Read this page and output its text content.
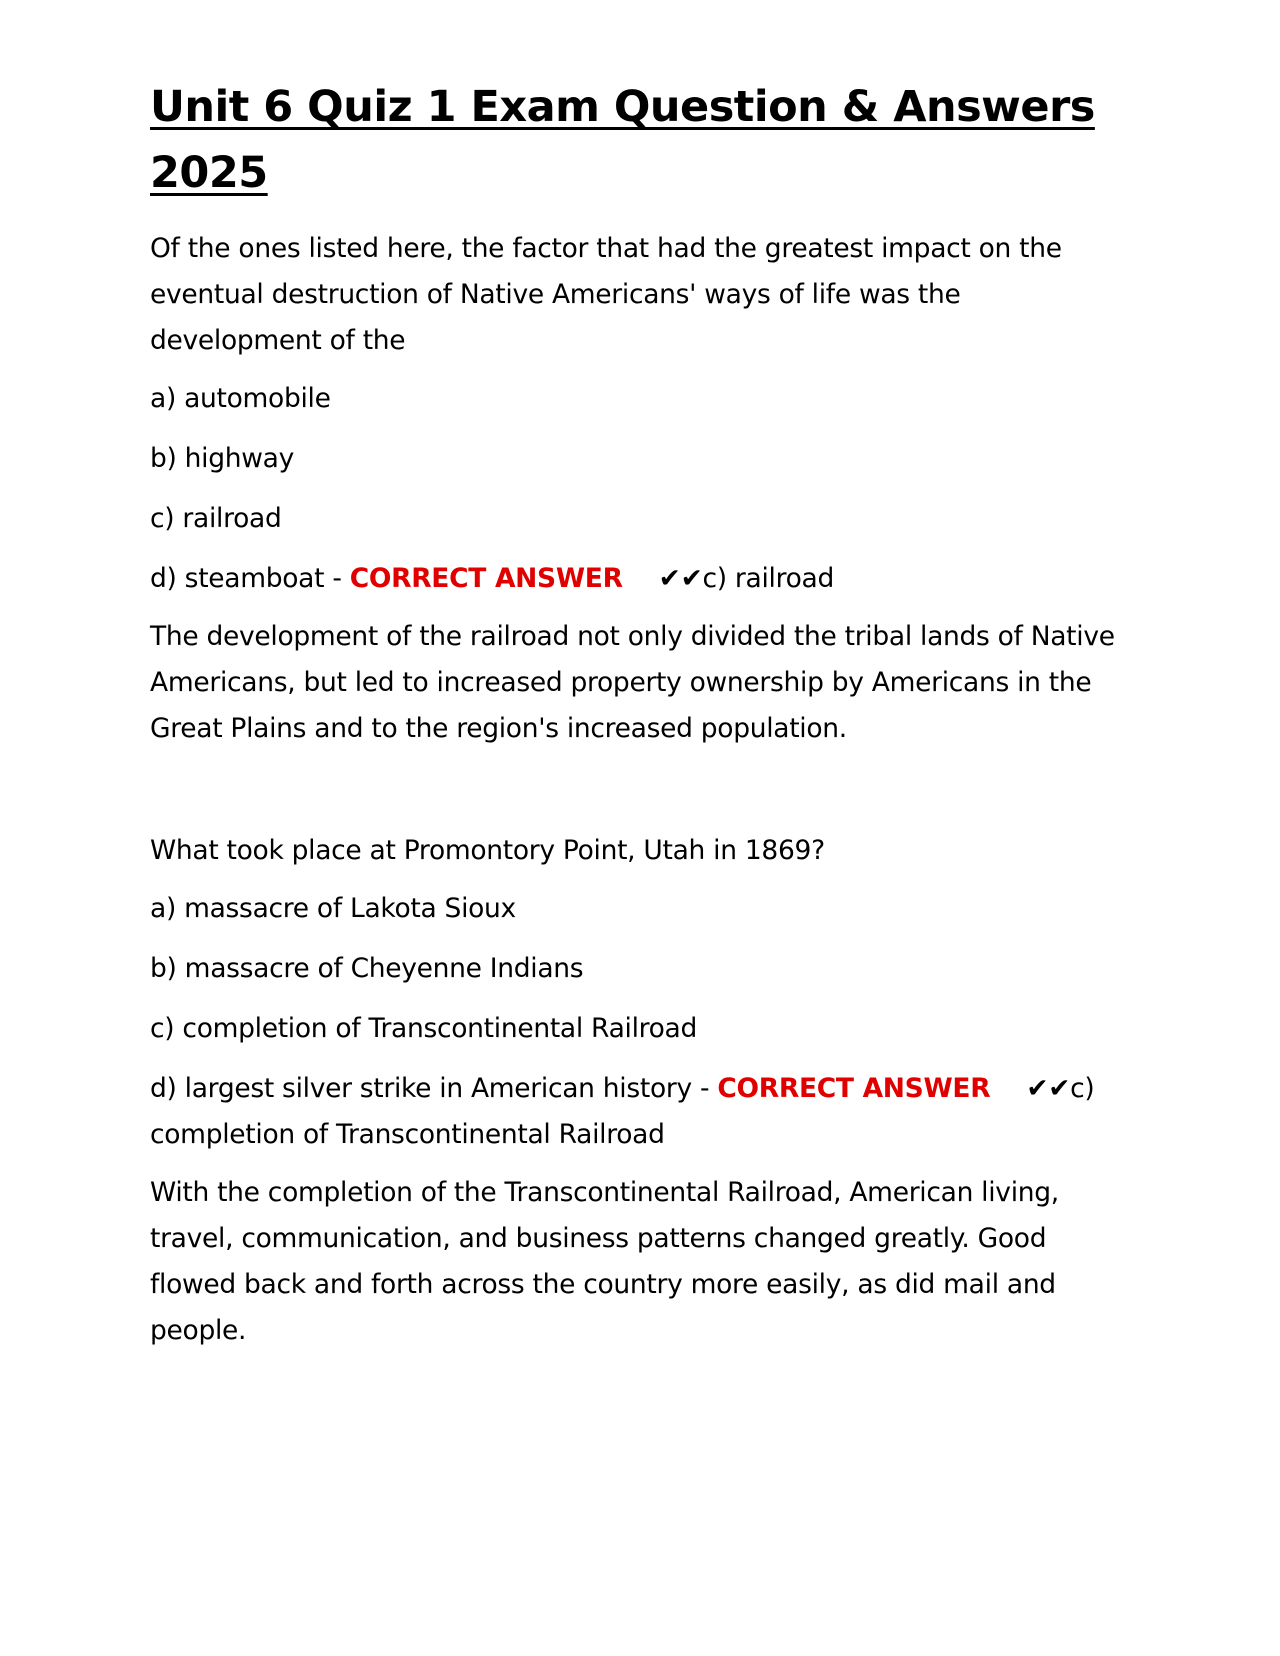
Unit 6 Quiz 1 Exam Question & Answers 2025

Of the ones listed here, the factor that had the greatest impact on the eventual destruction of Native Americans' ways of life was the development of the

a) automobile

b) highway

c) railroad

d) steamboat - CORRECT ANSWER ✔✔c) railroad

The development of the railroad not only divided the tribal lands of Native Americans, but led to increased property ownership by Americans in the Great Plains and to the region's increased population.

What took place at Promontory Point, Utah in 1869?

a) massacre of Lakota Sioux

b) massacre of Cheyenne Indians

c) completion of Transcontinental Railroad

d) largest silver strike in American history - CORRECT ANSWER ✔✔c) completion of Transcontinental Railroad

With the completion of the Transcontinental Railroad, American living, travel, communication, and business patterns changed greatly. Good flowed back and forth across the country more easily, as did mail and people.
